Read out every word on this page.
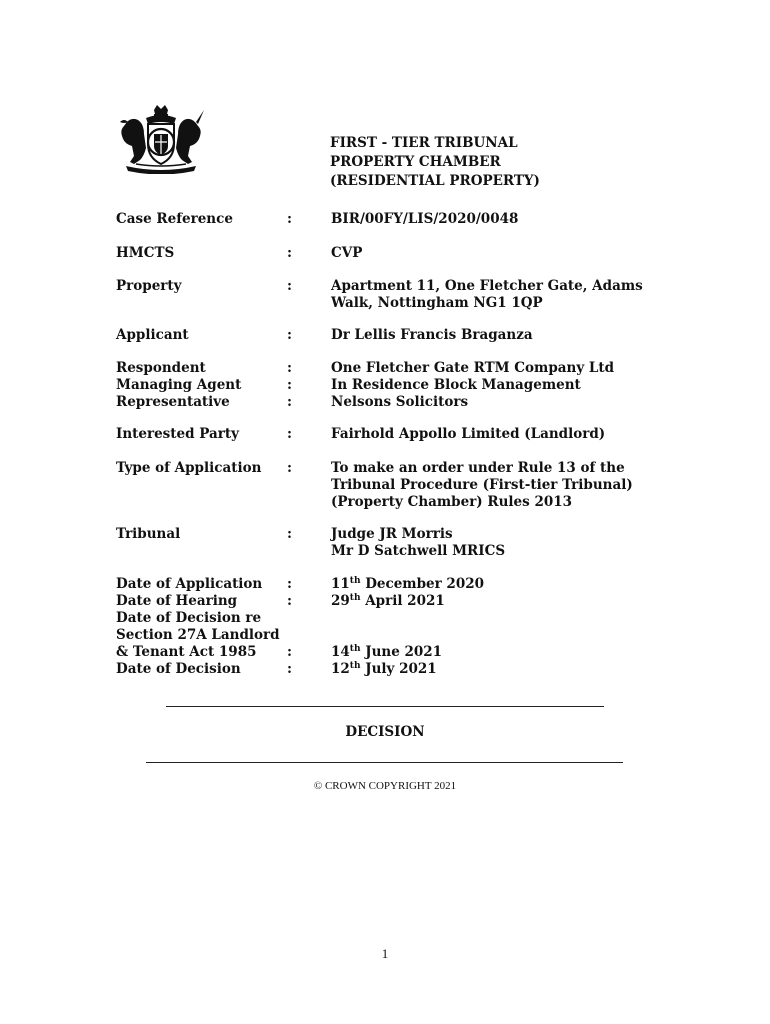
FIRST - TIER TRIBUNAL
PROPERTY CHAMBER
(RESIDENTIAL PROPERTY)
Case Reference	:	BIR/00FY/LIS/2020/0048
HMCTS	:	CVP
Property	:	Apartment 11, One Fletcher Gate, Adams
Walk, Nottingham NG1 1QP
Applicant	:	Dr Lellis Francis Braganza
Respondent	:	One Fletcher Gate RTM Company Ltd
Managing Agent	:	In Residence Block Management
Representative	:	Nelsons Solicitors
Interested Party	:	Fairhold Appollo Limited (Landlord)
Type of Application	:	To make an order under Rule 13 of the
Tribunal Procedure (First-tier Tribunal)
(Property Chamber) Rules 2013
Tribunal	:	Judge JR Morris
Mr D Satchwell MRICS
Date of Application	:	11th December 2020
Date of Hearing	:	29th April 2021
Date of Decision re
Section 27A Landlord
& Tenant Act 1985	:	14th June 2021
Date of Decision	:	12th July 2021
DECISION
© CROWN COPYRIGHT 2021
1
